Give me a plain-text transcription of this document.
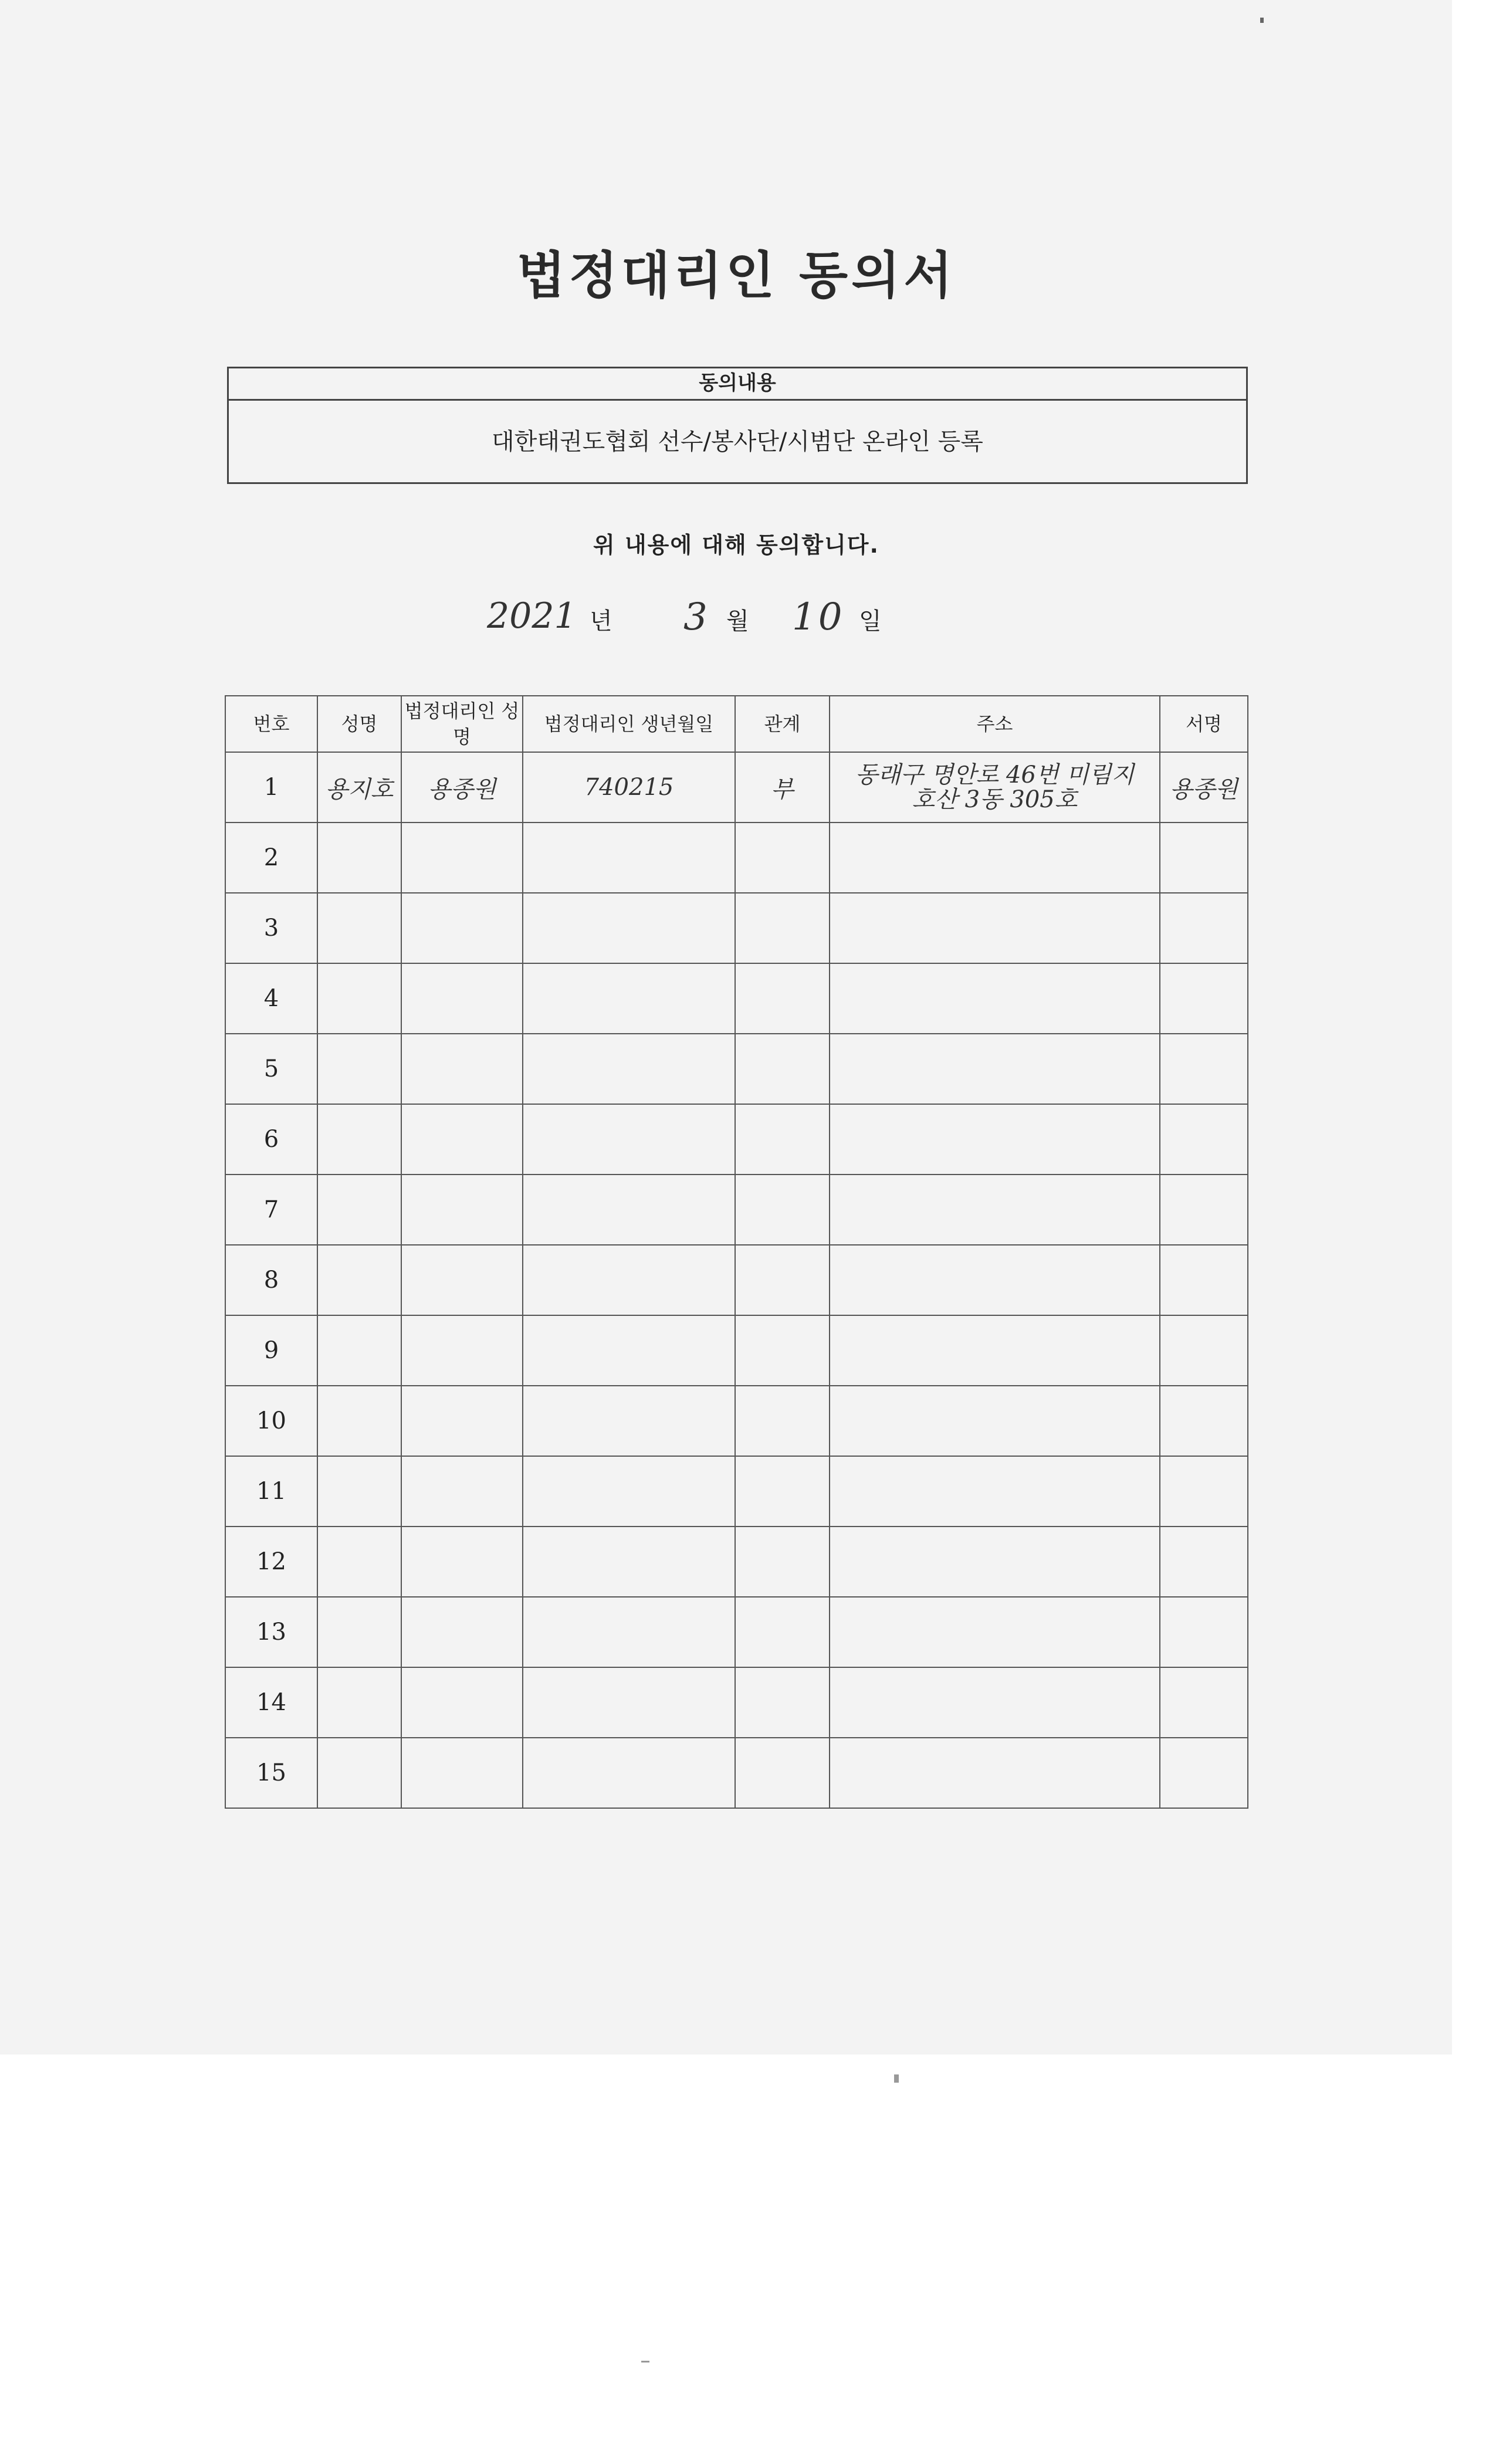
법정대리인 동의서
동의내용
대한태권도협회 선수/봉사단/시범단 온라인 등록
위 내용에 대해 동의합니다.
2021 년 3 월 10 일
번호	성명	법정대리인 성명	법정대리인 생년월일	관계	주소	서명
1	용지호	용종원	740215	부	동래구 명안로 46번 미림지
호산 3동 305호	용종원
2						
3						
4						
5						
6						
7						
8						
9						
10						
11						
12						
13						
14						
15						
